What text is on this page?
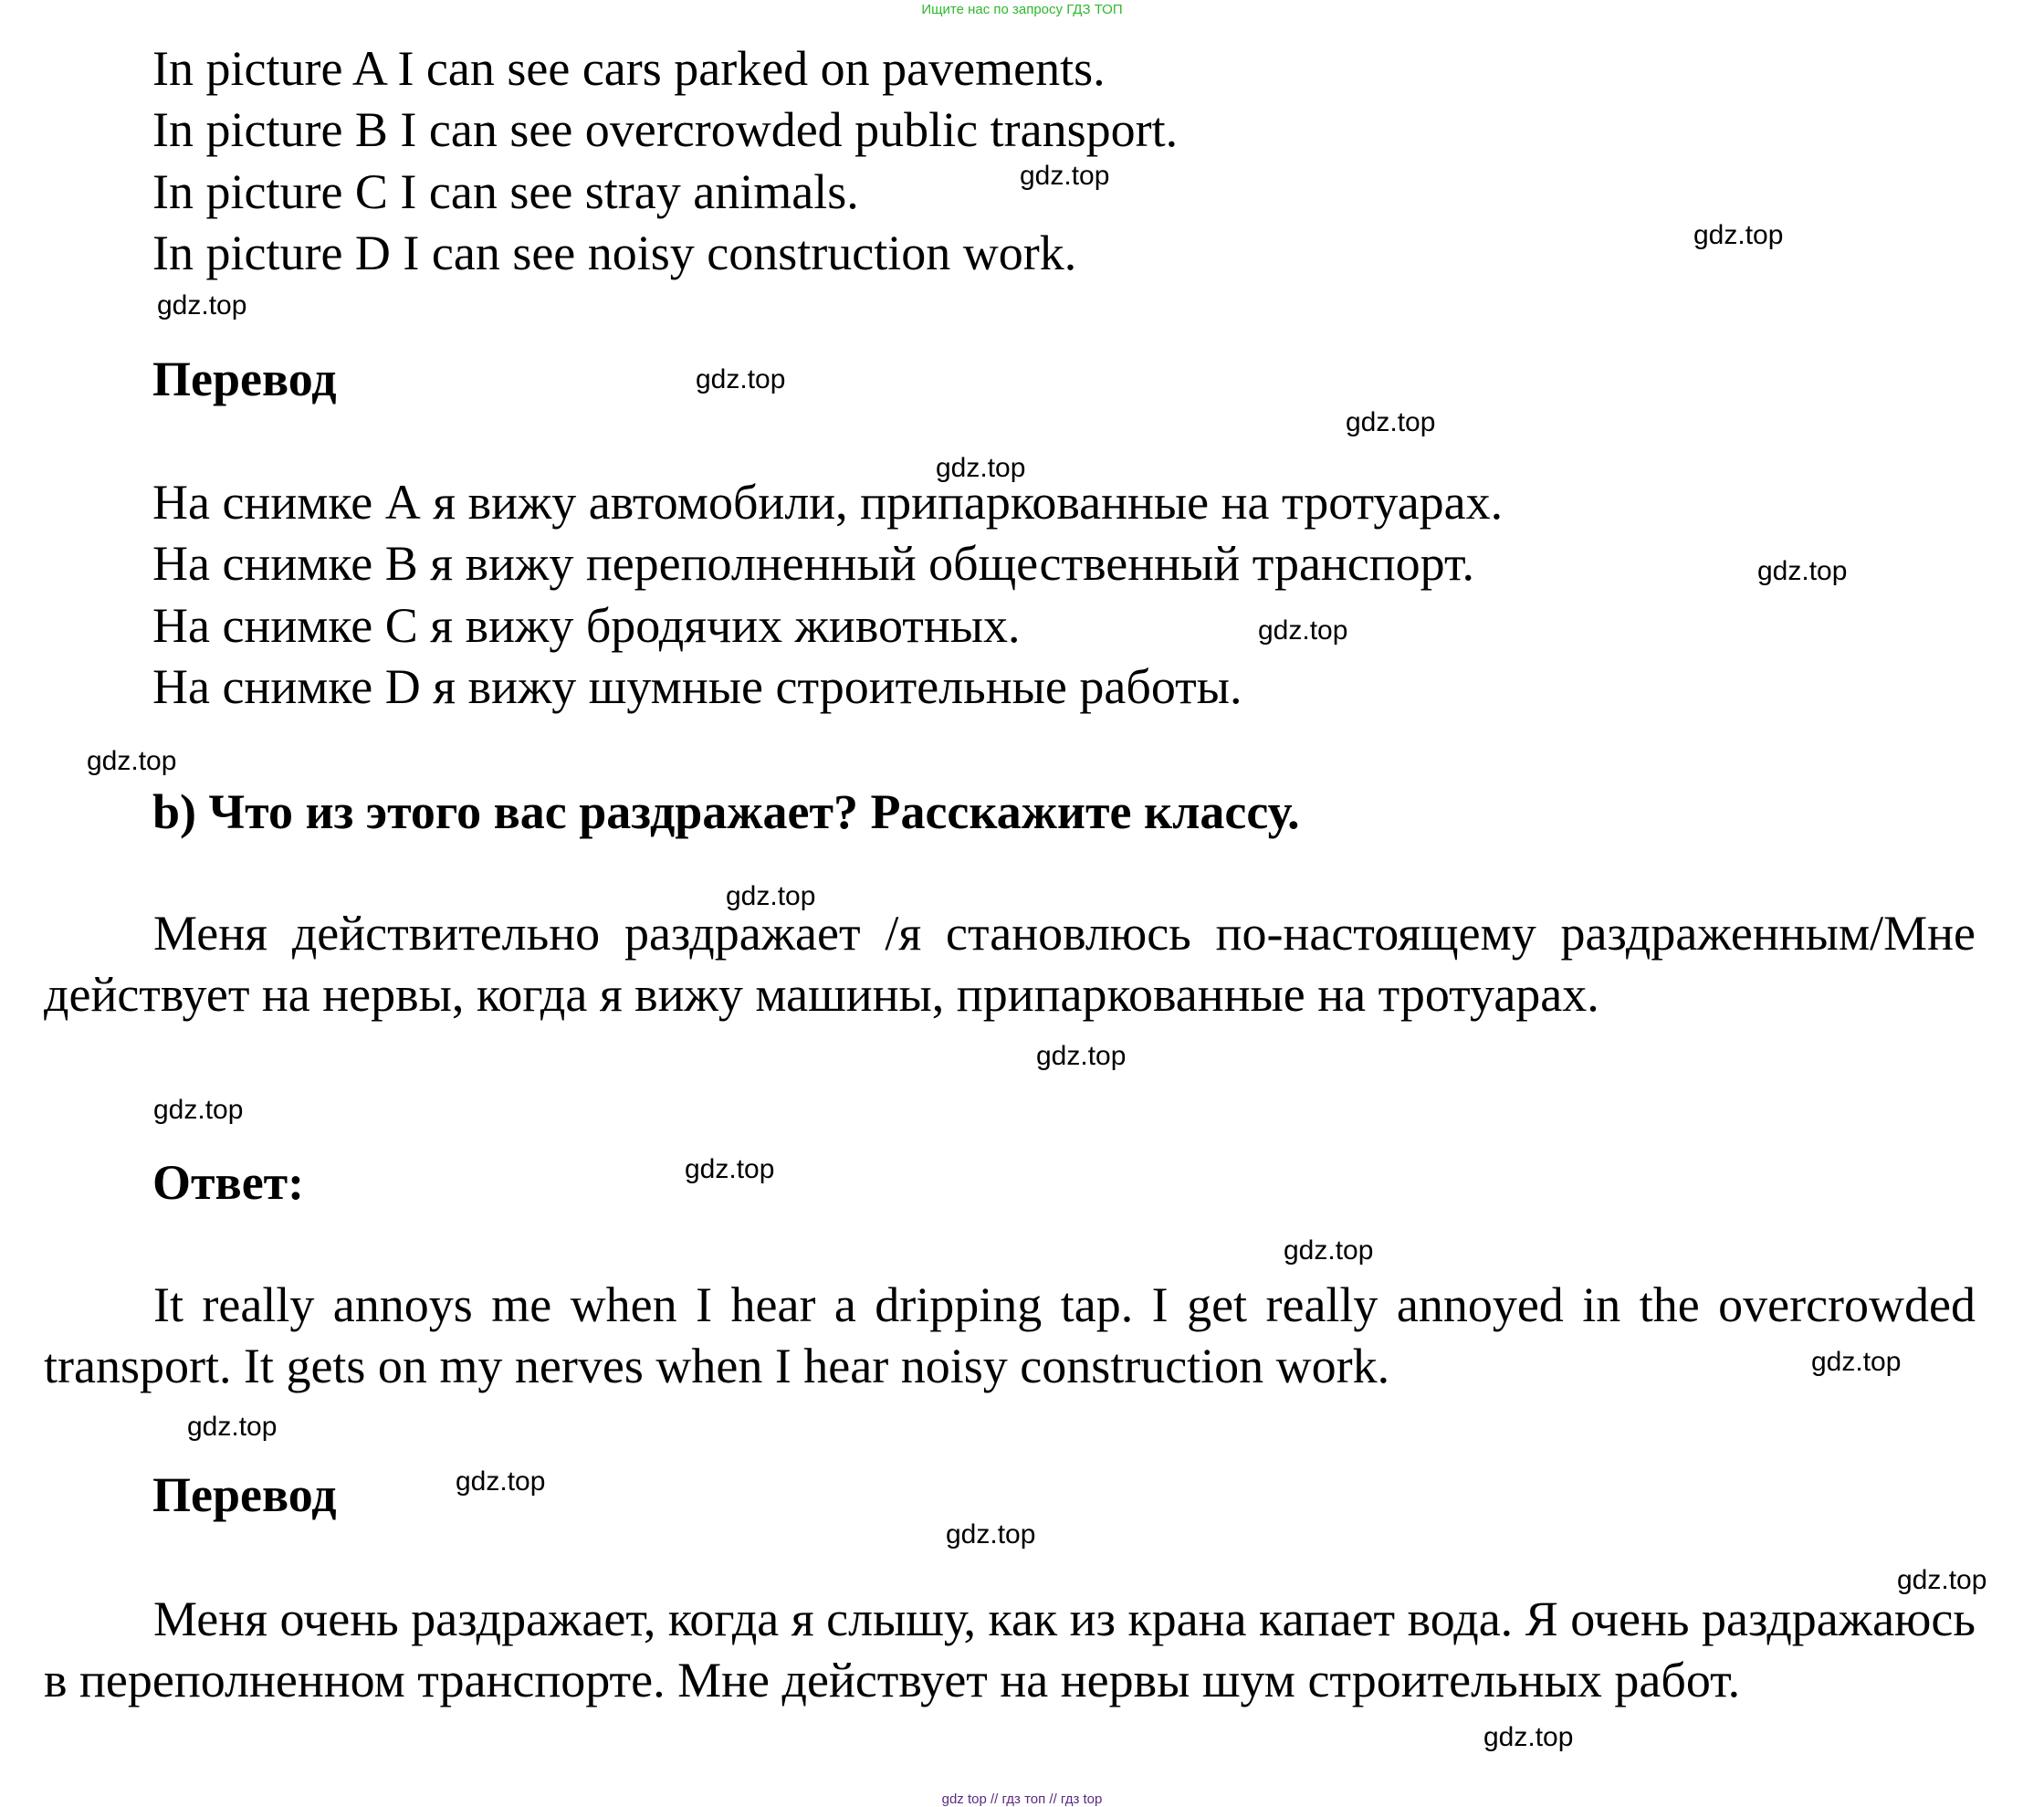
Ищите нас по запросу ГДЗ ТОП
In picture A I can see cars parked on pavements.
In picture B I can see overcrowded public transport.
In picture C I can see stray animals.
In picture D I can see noisy construction work.
Перевод
На снимке А я вижу автомобили, припаркованные на тротуарах.
На снимке В я вижу переполненный общественный транспорт.
На снимке С я вижу бродячих животных.
На снимке D я вижу шумные строительные работы.
b) Что из этого вас раздражает? Расскажите классу.
Меня действительно раздражает /я становлюсь по-настоящему раздраженным/Мне действует на нервы, когда я вижу машины, припаркованные на тротуарах.
Ответ:
It really annoys me when I hear a dripping tap. I get really annoyed in the overcrowded transport. It gets on my nerves when I hear noisy construction work.
Перевод
Меня очень раздражает, когда я слышу, как из крана капает вода. Я очень раздражаюсь в переполненном транспорте. Мне действует на нервы шум строительных работ.
gdz.top
gdz.top
gdz.top
gdz.top
gdz.top
gdz.top
gdz.top
gdz.top
gdz.top
gdz.top
gdz.top
gdz.top
gdz.top
gdz.top
gdz.top
gdz.top
gdz.top
gdz.top
gdz.top
gdz.top
gdz top // гдз топ // гдз top
